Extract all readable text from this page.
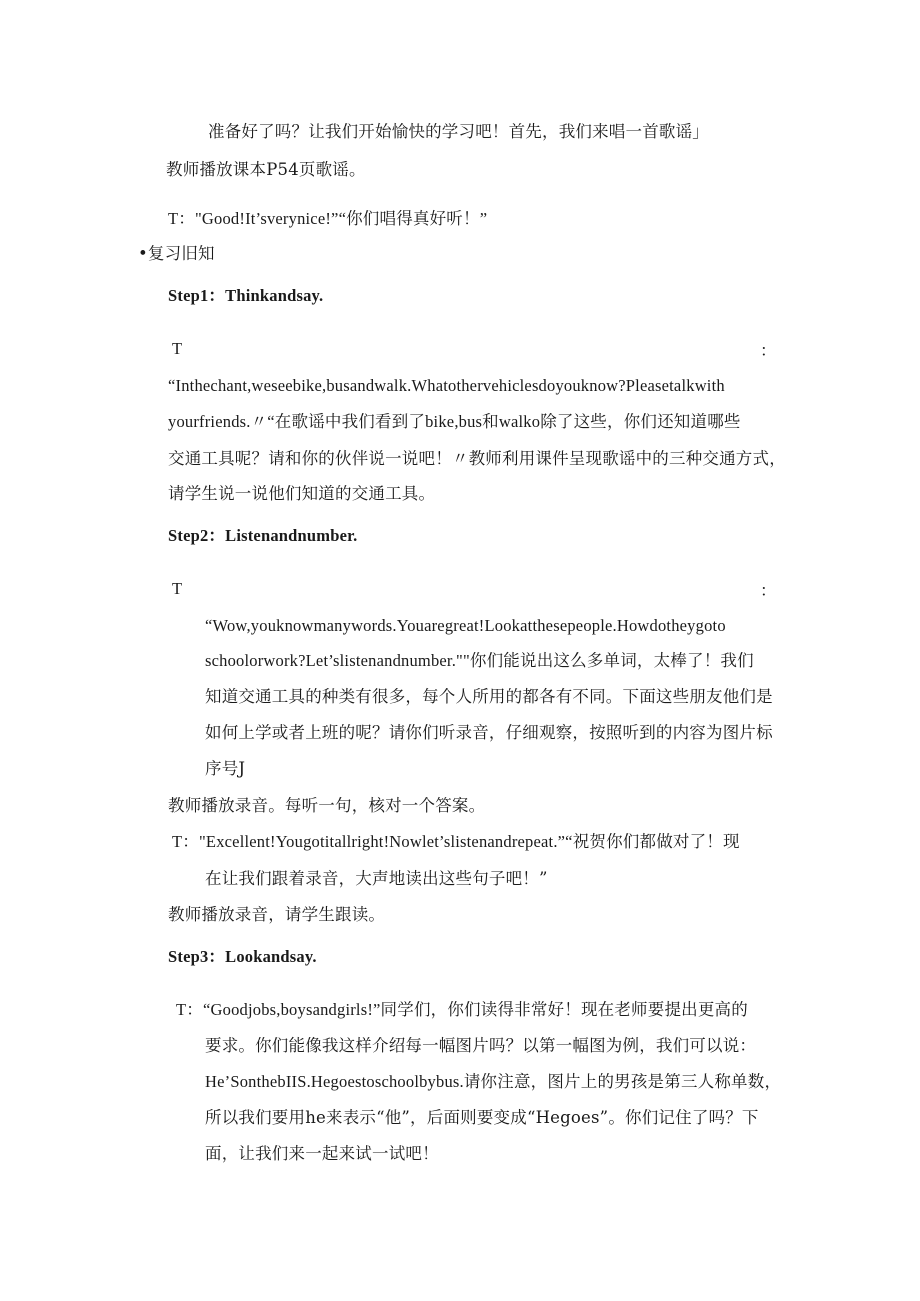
准备好了吗？让我们开始愉快的学习吧！首先，我们来唱一首歌谣」
教师播放课本P54页歌谣。
T："Good!It’sverynice!”“你们唱得真好听！”
•复习旧知
Step1：Thinkandsay.
T	：
“Inthechant,weseebike,busandwalk.Whatothervehiclesdoyouknow?Pleasetalkwith
yourfriends.〃“在歌谣中我们看到了bike,bus和walko除了这些，你们还知道哪些
交通工具呢？请和你的伙伴说一说吧！〃教师利用课件呈现歌谣中的三种交通方式，
请学生说一说他们知道的交通工具。
Step2：Listenandnumber.
T	：
“Wow,youknowmanywords.Youaregreat!Lookatthesepeople.Howdotheygoto
schoolorwork?Let’slistenandnumber.""你们能说出这么多单词，太棒了！我们
知道交通工具的种类有很多，每个人所用的都各有不同。下面这些朋友他们是
如何上学或者上班的呢？请你们听录音，仔细观察，按照听到的内容为图片标
序号J
教师播放录音。每听一句，核对一个答案。
T："Excellent!Yougotitallright!Nowlet’slistenandrepeat.”“祝贺你们都做对了！现
在让我们跟着录音，大声地读出这些句子吧！”
教师播放录音，请学生跟读。
Step3：Lookandsay.
T：“Goodjobs,boysandgirls!”同学们，你们读得非常好！现在老师要提出更高的
要求。你们能像我这样介绍每一幅图片吗？以第一幅图为例，我们可以说：
He’SonthebIIS.Hegoestoschoolbybus.请你注意，图片上的男孩是第三人称单数，
所以我们要用he来表示“他”，后面则要变成“Hegoes”。你们记住了吗？下
面，让我们来一起来试一试吧！
